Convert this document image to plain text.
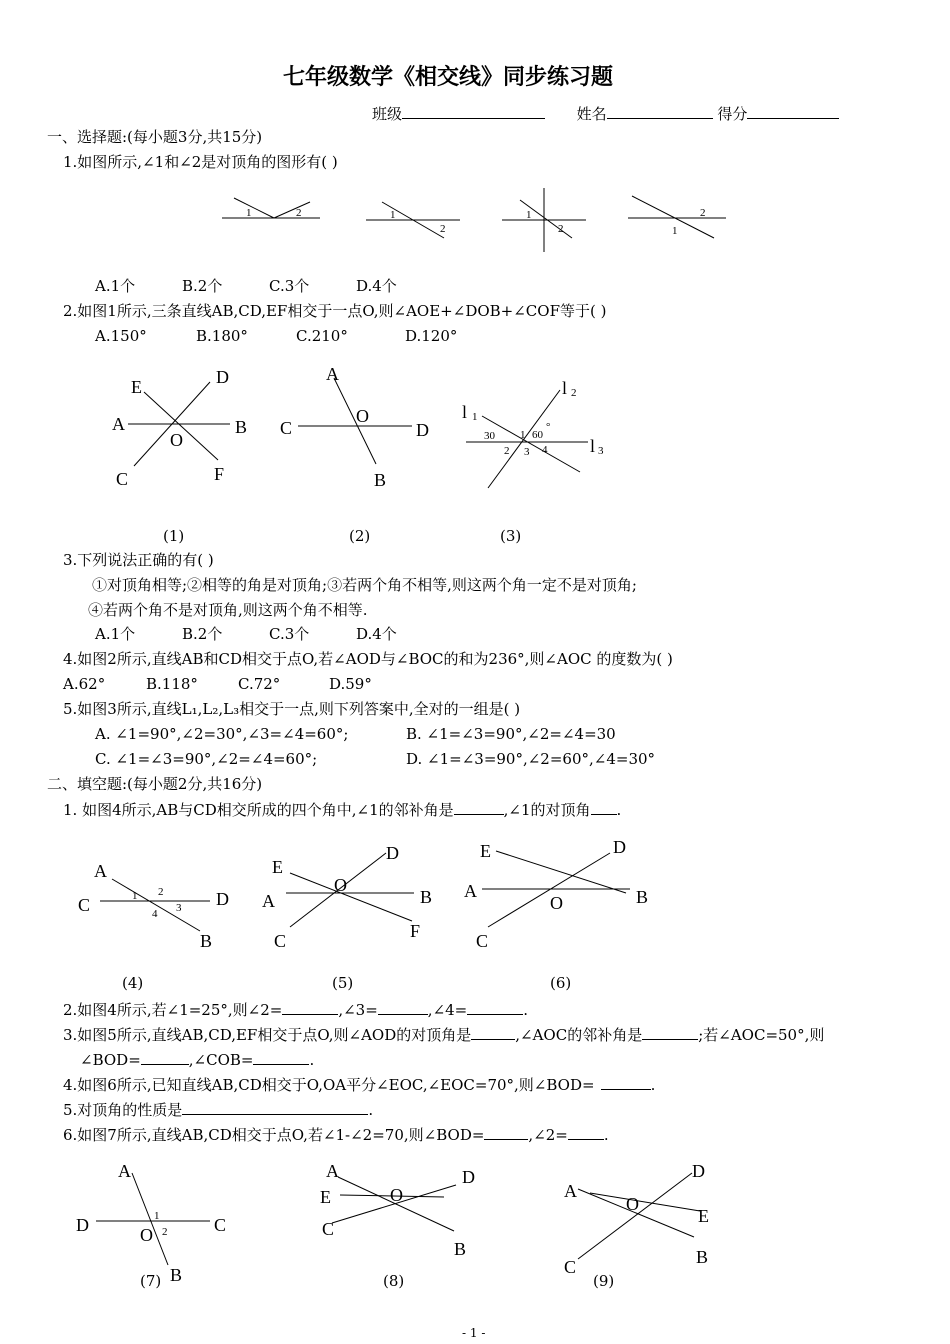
七年级数学《相交线》同步练习题
班级	姓名	得分
一、选择题:(每小题3分,共15分)
1.如图所示,∠1和∠2是对顶角的图形有( )
1	2	1
2
1
2
2
1
A.1个	B.2个	C.3个	D.4个
2.如图1所示,三条直线AB,CD,EF相交于一点O,则∠AOE+∠DOB+∠COF等于( )
A.150°	B.180°	C.210°	D.120°
E	D
A	B
O
C	F
A
O
C	D
B
l 1
l 2
l 3
30 1 60
°
2 3 4
(1)	(2)	(3)
3.下列说法正确的有( )
①对顶角相等;②相等的角是对顶角;③若两个角不相等,则这两个角一定不是对顶角;
④若两个角不是对顶角,则这两个角不相等.
A.1个	B.2个	C.3个	D.4个
4.如图2所示,直线AB和CD相交于点O,若∠AOD与∠BOC的和为236°,则∠AOC 的度数为( )
A.62°	B.118°	C.72°	D.59°
5.如图3所示,直线L₁,L₂,L₃相交于一点,则下列答案中,全对的一组是( )
A. ∠1=90°,∠2=30°,∠3=∠4=60°;	B. ∠1=∠3=90°,∠2=∠4=30
C. ∠1=∠3=90°,∠2=∠4=60°;	D. ∠1=∠3=90°,∠2=60°,∠4=30°
二、填空题:(每小题2分,共16分)
1. 如图4所示,AB与CD相交所成的四个角中,∠1的邻补角是	,∠1的对顶角 .
A
C	D
B
1 2
4 3
E
D
O
A	B
C	F
E	D
A
O	B
C
(4)	(5)	(6)
2.如图4所示,若∠1=25°,则∠2=	,∠3=	,∠4=	.
3.如图5所示,直线AB,CD,EF相交于点O,则∠AOD的对顶角是	,∠AOC的邻补角是	;若∠AOC=50°,则
∠BOD=	,∠COB=	.
4.如图6所示,已知直线AB,CD相交于O,OA平分∠EOC,∠EOC=70°,则∠BOD=	.
5.对顶角的性质是	.
6.如图7所示,直线AB,CD相交于点O,若∠1-∠2=70,则∠BOD=	,∠2= .
A
D	C
1
2
O
B
A	D
E	O
C
B
D
A
O
E
B
C
(7)	(8)	(9)
- 1 -
